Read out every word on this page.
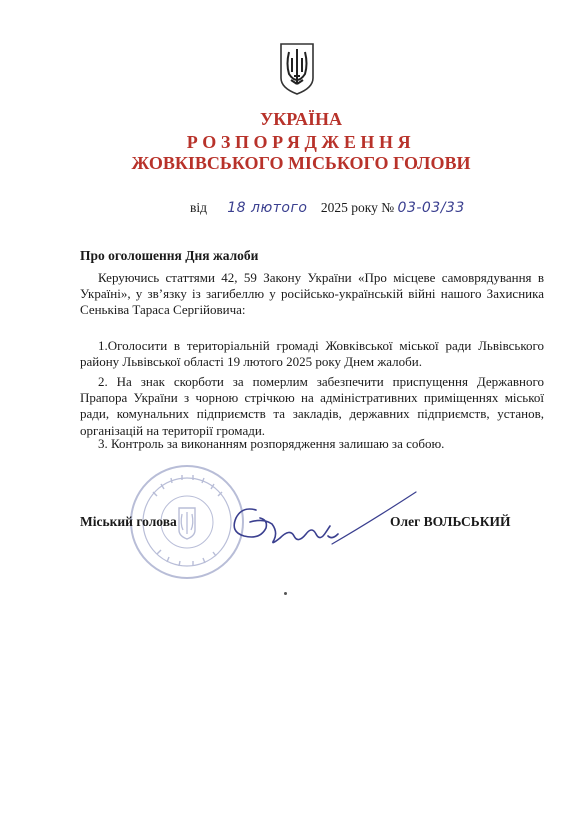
УКРАЇНА
РОЗПОРЯДЖЕННЯ
ЖОВКІВСЬКОГО МІСЬКОГО ГОЛОВИ
від 18 лютого 2025 року № 03-03/33
Про оголошення Дня жалоби
Керуючись статтями 42, 59 Закону України «Про місцеве самоврядування в Україні», у зв’язку із загибеллю у російсько-українській війні нашого Захисника Сеньківа Тараса Сергійовича:
1.Оголосити в територіальній громаді Жовківської міської ради Львівського району Львівської області 19 лютого 2025 року Днем жалоби.
2. На знак скорботи за померлим забезпечити приспущення Державного Прапора України з чорною стрічкою на адміністративних приміщеннях міської ради, комунальних підприємств та закладів, державних підприємств, установ, організацій на території громади.
3. Контроль за виконанням розпорядження залишаю за собою.
Міський голова	Олег ВОЛЬСЬКИЙ
